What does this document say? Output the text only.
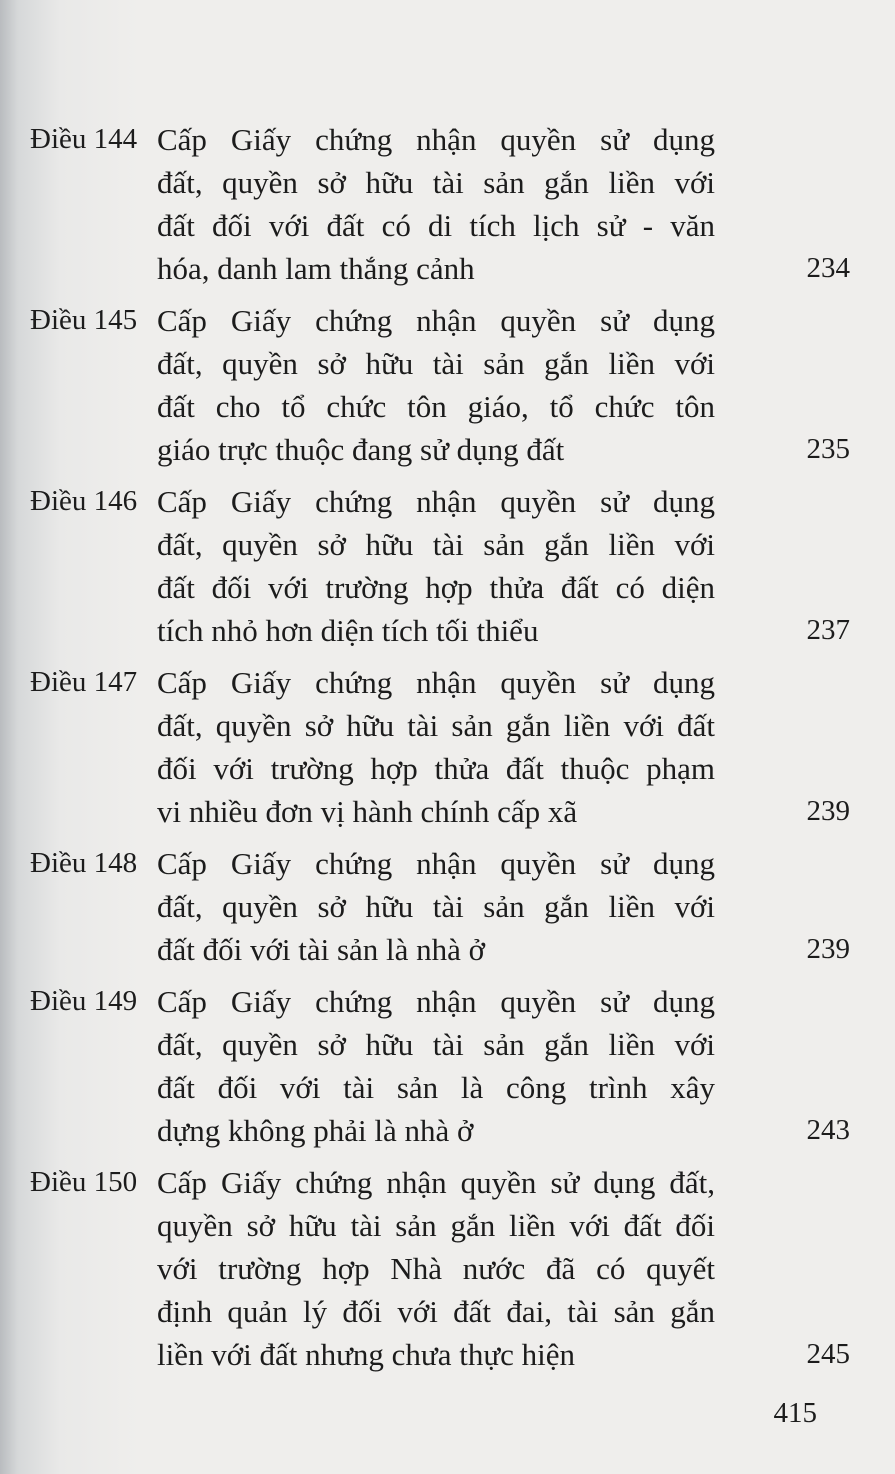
Điều 144 Cấp Giấy chứng nhận quyền sử dụng
đất, quyền sở hữu tài sản gắn liền với
đất đối với đất có di tích lịch sử - văn
hóa, danh lam thắng cảnh	234
Điều 145 Cấp Giấy chứng nhận quyền sử dụng
đất, quyền sở hữu tài sản gắn liền với
đất cho tổ chức tôn giáo, tổ chức tôn
giáo trực thuộc đang sử dụng đất	235
Điều 146 Cấp Giấy chứng nhận quyền sử dụng
đất, quyền sở hữu tài sản gắn liền với
đất đối với trường hợp thửa đất có diện
tích nhỏ hơn diện tích tối thiểu	237
Điều 147 Cấp Giấy chứng nhận quyền sử dụng
đất, quyền sở hữu tài sản gắn liền với đất
đối với trường hợp thửa đất thuộc phạm
vi nhiều đơn vị hành chính cấp xã	239
Điều 148 Cấp Giấy chứng nhận quyền sử dụng
đất, quyền sở hữu tài sản gắn liền với
đất đối với tài sản là nhà ở	239
Điều 149 Cấp Giấy chứng nhận quyền sử dụng
đất, quyền sở hữu tài sản gắn liền với
đất đối với tài sản là công trình xây
dựng không phải là nhà ở	243
Điều 150 Cấp Giấy chứng nhận quyền sử dụng đất,
quyền sở hữu tài sản gắn liền với đất đối
với trường hợp Nhà nước đã có quyết
định quản lý đối với đất đai, tài sản gắn
liền với đất nhưng chưa thực hiện	245
415
